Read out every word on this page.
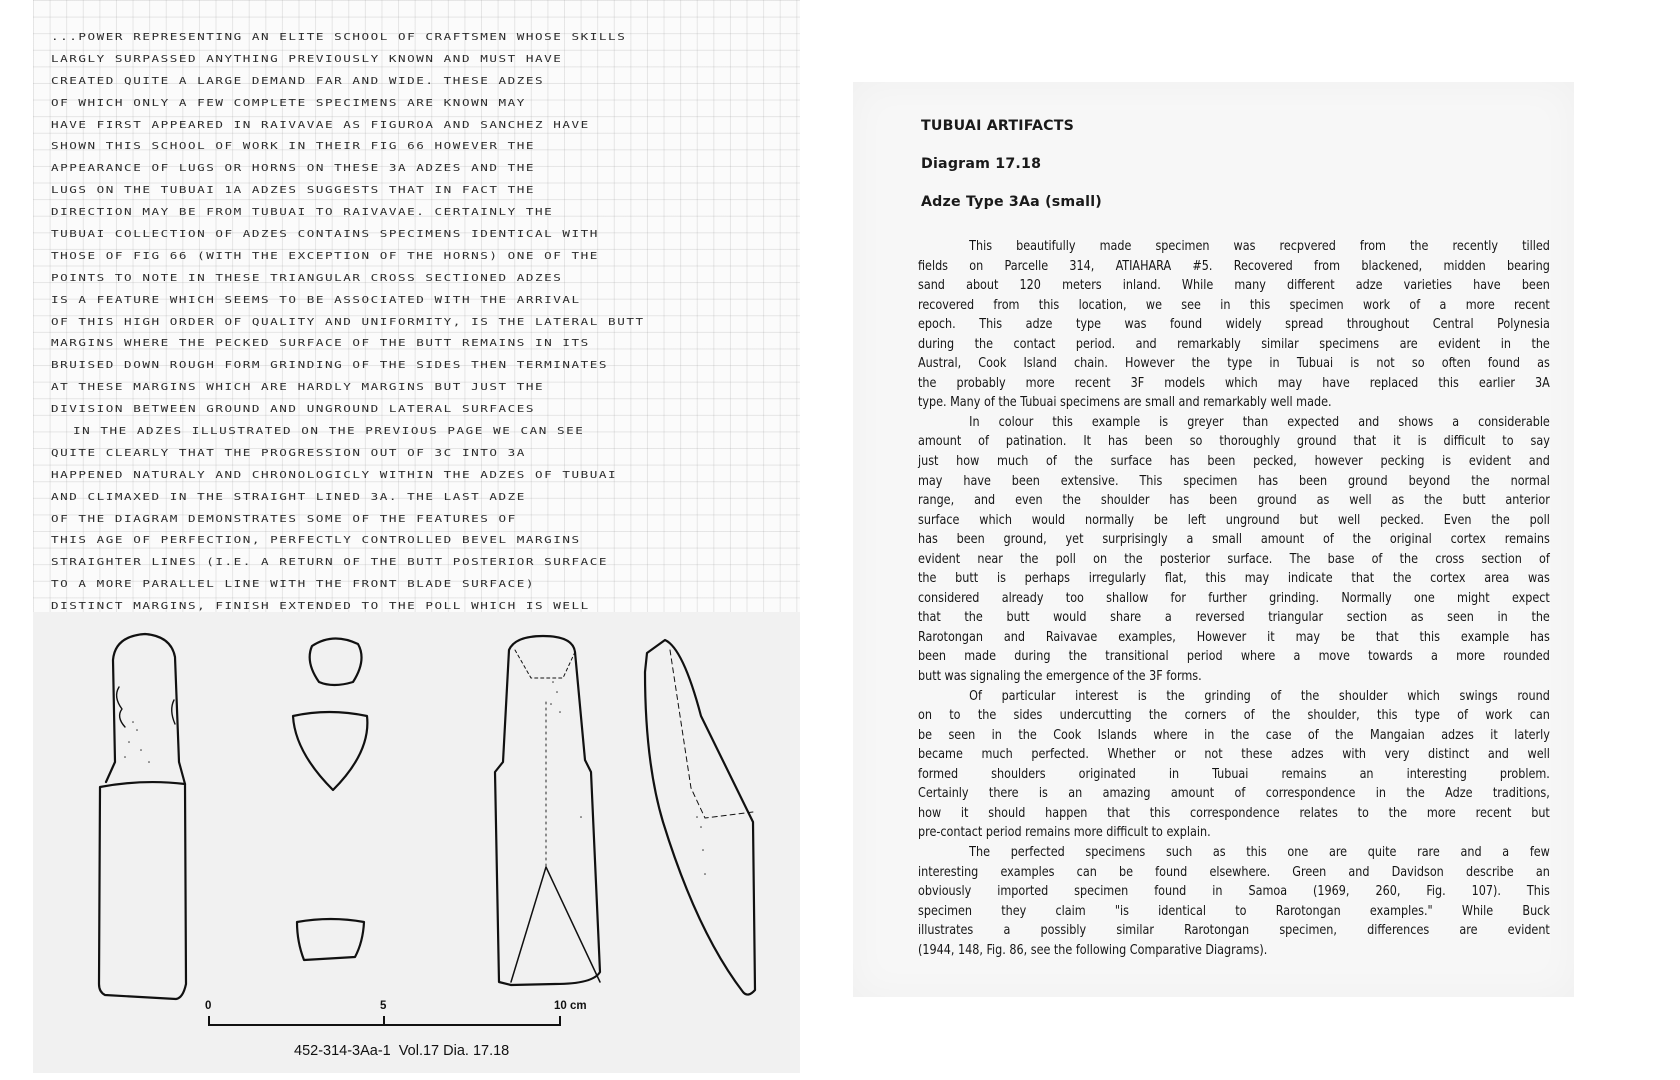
...POWER REPRESENTING AN ELITE SCHOOL OF CRAFTSMEN WHOSE SKILLS
LARGLY SURPASSED ANYTHING PREVIOUSLY KNOWN AND MUST HAVE
CREATED QUITE A LARGE DEMAND FAR AND WIDE. THESE ADZES
OF WHICH ONLY A FEW COMPLETE SPECIMENS ARE KNOWN MAY
HAVE FIRST APPEARED IN RAIVAVAE AS FIGUROA AND SANCHEZ HAVE
SHOWN THIS SCHOOL OF WORK IN THEIR FIG 66 HOWEVER THE
APPEARANCE OF LUGS OR HORNS ON THESE 3A ADZES AND THE
LUGS ON THE TUBUAI 1A ADZES SUGGESTS THAT IN FACT THE
DIRECTION MAY BE FROM TUBUAI TO RAIVAVAE. CERTAINLY THE
TUBUAI COLLECTION OF ADZES CONTAINS SPECIMENS IDENTICAL WITH
THOSE OF FIG 66 (WITH THE EXCEPTION OF THE HORNS) ONE OF THE
POINTS TO NOTE IN THESE TRIANGULAR CROSS SECTIONED ADZES
IS A FEATURE WHICH SEEMS TO BE ASSOCIATED WITH THE ARRIVAL
OF THIS HIGH ORDER OF QUALITY AND UNIFORMITY, IS THE LATERAL BUTT
MARGINS WHERE THE PECKED SURFACE OF THE BUTT REMAINS IN ITS
BRUISED DOWN ROUGH FORM GRINDING OF THE SIDES THEN TERMINATES
AT THESE MARGINS WHICH ARE HARDLY MARGINS BUT JUST THE
DIVISION BETWEEN GROUND AND UNGROUND LATERAL SURFACES
IN THE ADZES ILLUSTRATED ON THE PREVIOUS PAGE WE CAN SEE
QUITE CLEARLY THAT THE PROGRESSION OUT OF 3C INTO 3A
HAPPENED NATURALY AND CHRONOLOGICLY WITHIN THE ADZES OF TUBUAI
AND CLIMAXED IN THE STRAIGHT LINED 3A. THE LAST ADZE
OF THE DIAGRAM DEMONSTRATES SOME OF THE FEATURES OF
THIS AGE OF PERFECTION, PERFECTLY CONTROLLED BEVEL MARGINS
STRAIGHTER LINES (I.E. A RETURN OF THE BUTT POSTERIOR SURFACE
TO A MORE PARALLEL LINE WITH THE FRONT BLADE SURFACE)
DISTINCT MARGINS, FINISH EXTENDED TO THE POLL WHICH IS WELL
0	5	10 cm
452-314-3Aa-1  Vol.17 Dia. 17.18
TUBUAI ARTIFACTS
Diagram 17.18
Adze Type 3Aa (small)
This beautifully made specimen was recpvered from the recently tilled
fields on Parcelle 314, ATIAHARA #5. Recovered from blackened, midden bearing
sand about 120 meters inland. While many different adze varieties have been
recovered from this location, we see in this specimen work of a more recent
epoch. This adze type was found widely spread throughout Central Polynesia
during the contact period. and remarkably similar specimens are evident in the
Austral, Cook Island chain. However the type in Tubuai is not so often found as
the probably more recent 3F models which may have replaced this earlier 3A
type. Many of the Tubuai specimens are small and remarkably well made.
In colour this example is greyer than expected and shows a considerable
amount of patination. It has been so thoroughly ground that it is difficult to say
just how much of the surface has been pecked, however pecking is evident and
may have been extensive. This specimen has been ground beyond the normal
range, and even the shoulder has been ground as well as the butt anterior
surface which would normally be left unground but well pecked. Even the poll
has been ground, yet surprisingly a small amount of the original cortex remains
evident near the poll on the posterior surface. The base of the cross section of
the butt is perhaps irregularly flat, this may indicate that the cortex area was
considered already too shallow for further grinding. Normally one might expect
that the butt would share a reversed triangular section as seen in the
Rarotongan and Raivavae examples, However it may be that this example has
been made during the transitional period where a move towards a more rounded
butt was signaling the emergence of the 3F forms.
Of particular interest is the grinding of the shoulder which swings round
on to the sides undercutting the corners of the shoulder, this type of work can
be seen in the Cook Islands where in the case of the Mangaian adzes it laterly
became much perfected. Whether or not these adzes with very distinct and well
formed shoulders originated in Tubuai remains an interesting problem.
Certainly there is an amazing amount of correspondence in the Adze traditions,
how it should happen that this correspondence relates to the more recent but
pre-contact period remains more difficult to explain.
The perfected specimens such as this one are quite rare and a few
interesting examples can be found elsewhere. Green and Davidson describe an
obviously imported specimen found in Samoa (1969, 260, Fig. 107). This
specimen they claim "is identical to Rarotongan examples." While Buck
illustrates a possibly similar Rarotongan specimen, differences are evident
(1944, 148, Fig. 86, see the following Comparative Diagrams).
